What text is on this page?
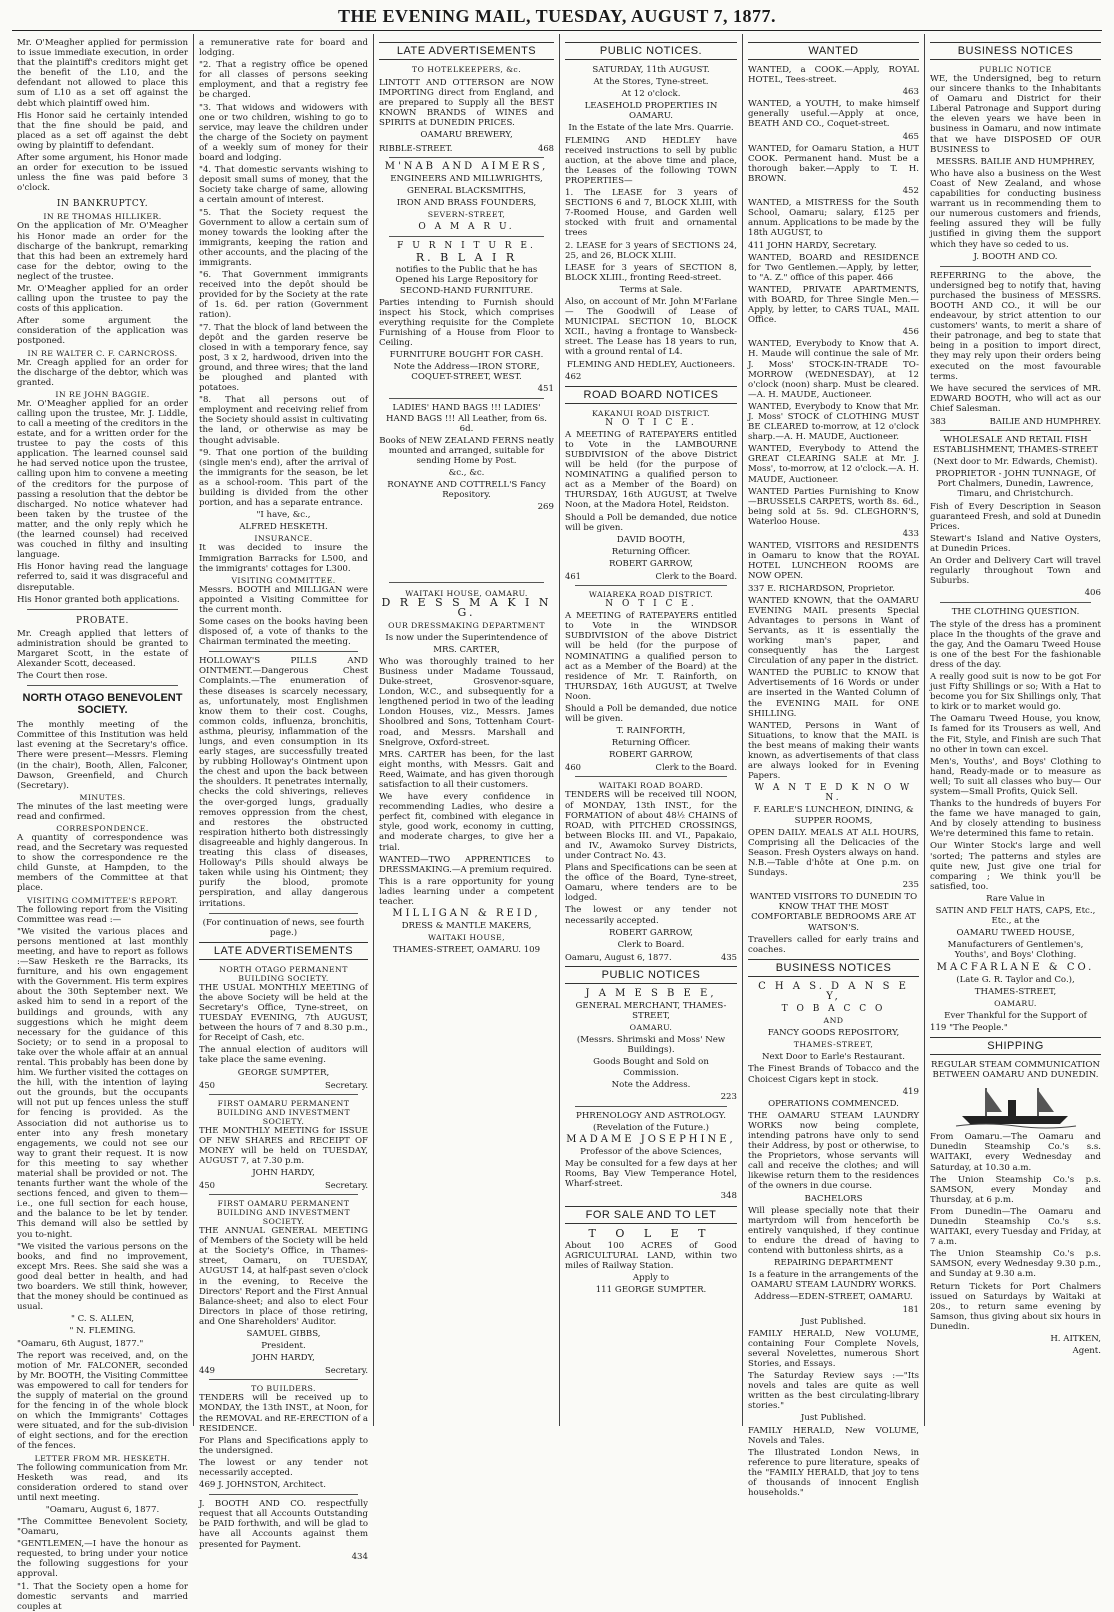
THE EVENING MAIL, TUESDAY, AUGUST 7, 1877.

Mr. O'Meagher applied for permission to issue immediate execution, in order that the plaintiff's creditors might get the benefit of the L10, and the defendant not allowed to place this sum of L10 as a set off against the debt which plaintiff owed him.

His Honor said he certainly intended that the fine should be paid, and placed as a set off against the debt owing by plaintiff to defendant.

After some argument, his Honor made an order for execution to be issued unless the fine was paid before 3 o'clock.

IN BANKRUPTCY.
IN RE THOMAS HILLIKER.

On the application of Mr. O'Meagher his Honor made an order for the discharge of the bankrupt, remarking that this had been an extremely hard case for the debtor, owing to the neglect of the trustee.

Mr. O'Meagher applied for an order calling upon the trustee to pay the costs of this application.

After some argument the consideration of the application was postponed.

IN RE WALTER C. F. CARNCROSS.

Mr. Creagh applied for an order for the discharge of the debtor, which was granted.

IN RE JOHN BAGGIE.

Mr. O'Meagher applied for an order calling upon the trustee, Mr. J. Liddle, to call a meeting of the creditors in the estate, and for a written order for the trustee to pay the costs of this application. The learned counsel said he had served notice upon the trustee, calling upon him to convene a meeting of the creditors for the purpose of passing a resolution that the debtor be discharged. No notice whatever had been taken by the trustee of the matter, and the only reply which he (the learned counsel) had received was couched in filthy and insulting language.

His Honor having read the language referred to, said it was disgraceful and disreputable.

His Honor granted both applications.

PROBATE.

Mr. Creagh applied that letters of administration should be granted to Margaret Scott, in the estate of Alexander Scott, deceased.

The Court then rose.

NORTH OTAGO BENEVOLENT SOCIETY.

The monthly meeting of the Committee of this Institution was held last evening at the Secretary's office. There were present—Messrs. Fleming (in the chair), Booth, Allen, Falconer, Dawson, Greenfield, and Church (Secretary).

MINUTES.

The minutes of the last meeting were read and confirmed.

CORRESPONDENCE.

A quantity of correspondence was read, and the Secretary was requested to show the correspondence re the child Gunste, at Hampden, to the members of the Committee at that place.

VISITING COMMITTEE'S REPORT.

The following report from the Visiting Committee was read :—

"We visited the various places and persons mentioned at last monthly meeting, and have to report as follows :—Saw Hesketh re the Barracks, its furniture, and his own engagement with the Government. His term expires about the 30th September next. We asked him to send in a report of the buildings and grounds, with any suggestions which he might deem necessary for the guidance of this Society; or to send in a proposal to take over the whole affair at an annual rental. This probably has been done by him. We further visited the cottages on the hill, with the intention of laying out the grounds, but the occupants will not put up fences unless the stuff for fencing is provided. As the Association did not authorise us to enter into any fresh monetary engagements, we could not see our way to grant their request. It is now for this meeting to say whether material shall be provided or not. The tenants further want the whole of the sections fenced, and given to them—i.e., one full section for each house, and the balance to be let by tender. This demand will also be settled by you to-night.

"We visited the various persons on the books, and find no improvement, except Mrs. Rees. She said she was a good deal better in health, and had two boarders. We still think, however, that the money should be continued as usual.

" C. S. ALLEN,

" N. FLEMING.

"Oamaru, 6th August, 1877."

The report was received, and, on the motion of Mr. FALCONER, seconded by Mr. BOOTH, the Visiting Committee was empowered to call for tenders for the supply of material on the ground for the fencing in of the whole block on which the Immigrants' Cottages were situated, and for the sub-division of eight sections, and for the erection of the fences.

LETTER FROM MR. HESKETH.

The following communication from Mr. Hesketh was read, and its consideration ordered to stand over until next meeting.

"Oamaru, August 6, 1877.

"The Committee Benevolent Society, "Oamaru,

"GENTLEMEN,—I have the honour as requested, to bring under your notice the following suggestions for your approval.

"1. That the Society open a home for domestic servants and married couples at

a remunerative rate for board and lodging.

"2. That a registry office be opened for all classes of persons seeking employment, and that a registry fee be charged.

"3. That widows and widowers with one or two children, wishing to go to service, may leave the children under the charge of the Society on payment of a weekly sum of money for their board and lodging.

"4. That domestic servants wishing to deposit small sums of money, that the Society take charge of same, allowing a certain amount of interest.

"5. That the Society request the Government to allow a certain sum of money towards the looking after the immigrants, keeping the ration and other accounts, and the placing of the immigrants.

"6. That Government immigrants received into the depôt should be provided for by the Society at the rate of 1s. 6d. per ration (Government ration).

"7. That the block of land between the depôt and the garden reserve be closed in with a temporary fence, say post, 3 x 2, hardwood, driven into the ground, and three wires; that the land be ploughed and planted with potatoes.

"8. That all persons out of employment and receiving relief from the Society should assist in cultivating the land, or otherwise as may be thought advisable.

"9. That one portion of the building (single men's end), after the arrival of the immigrants for the season, be let as a school-room. This part of the building is divided from the other portion, and has a separate entrance.

"I have, &c.,

ALFRED HESKETH.

INSURANCE.

It was decided to insure the Immigration Barracks for L500, and the immigrants' cottages for L300.

VISITING COMMITTEE.

Messrs. BOOTH and MILLIGAN were appointed a Visiting Committee for the current month.

Some cases on the books having been disposed of, a vote of thanks to the Chairman terminated the meeting.

HOLLOWAY'S PILLS AND OINTMENT.—Dangerous Chest Complaints.—The enumeration of these diseases is scarcely necessary, as, unfortunately, most Englishmen know them to their cost. Coughs, common colds, influenza, bronchitis, asthma, pleurisy, inflammation of the lungs, and even consumption in its early stages, are successfully treated by rubbing Holloway's Ointment upon the chest and upon the back between the shoulders. It penetrates internally, checks the cold shiverings, relieves the over-gorged lungs, gradually removes oppression from the chest, and restores the obstructed respiration hitherto both distressingly disagreeable and highly dangerous. In treating this class of diseases, Holloway's Pills should always be taken while using his Ointment; they purify the blood, promote perspiration, and allay dangerous irritations.

(For continuation of news, see fourth page.)

LATE ADVERTISEMENTS
NORTH OTAGO PERMANENT BUILDING SOCIETY.

THE USUAL MONTHLY MEETING of the above Society will be held at the Secretary's Office, Tyne-street, on TUESDAY EVENING, 7th AUGUST, between the hours of 7 and 8.30 p.m., for Receipt of Cash, etc.

The annual election of auditors will take place the same evening.

GEORGE SUMPTER,

450	Secretary.
FIRST OAMARU PERMANENT BUILDING AND INVESTMENT SOCIETY.

THE MONTHLY MEETING for ISSUE OF NEW SHARES and RECEIPT OF MONEY will be held on TUESDAY, AUGUST 7, at 7.30 p.m.

JOHN HARDY,

450	Secretary.
FIRST OAMARU PERMANENT BUILDING AND INVESTMENT SOCIETY.

THE ANNUAL GENERAL MEETING of Members of the Society will be held at the Society's Office, in Thames-street, Oamaru, on TUESDAY, AUGUST 14, at half-past seven o'clock in the evening, to Receive the Directors' Report and the First Annual Balance-sheet; and also to elect Four Directors in place of those retiring, and One Shareholders' Auditor.

SAMUEL GIBBS,

President.

JOHN HARDY,

449	Secretary.
TO BUILDERS.

TENDERS will be received up to MONDAY, the 13th INST., at Noon, for the REMOVAL and RE-ERECTION of a RESIDENCE.

For Plans and Specifications apply to the undersigned.

The lowest or any tender not necessarily accepted.

469 J. JOHNSTON, Architect.

J. BOOTH AND CO. respectfully request that all Accounts Outstanding be PAID forthwith, and will be glad to have all Accounts against them presented for Payment.

434

LATE ADVERTISEMENTS
TO HOTELKEEPERS, &c.

LINTOTT AND OTTERSON are NOW IMPORTING direct from England, and are prepared to Supply all the BEST KNOWN BRANDS of WINES and SPIRITS at DUNEDIN PRICES.

OAMARU BREWERY,

RIBBLE-STREET.	468

M'NAB AND AIMERS,

ENGINEERS AND MILLWRIGHTS,

GENERAL BLACKSMITHS,

IRON AND BRASS FOUNDERS,

SEVERN-STREET,

O A M A R U.

F U R N I T U R E.

R. B L A I R

notifies to the Public that he has Opened his Large Repository for SECOND-HAND FURNITURE.

Parties intending to Furnish should inspect his Stock, which comprises everything requisite for the Complete Furnishing of a House from Floor to Ceiling.

FURNITURE BOUGHT FOR CASH.

Note the Address—IRON STORE, COQUET-STREET, WEST.

451

LADIES' HAND BAGS !!! LADIES' HAND BAGS !!! All Leather, from 6s. 6d.

Books of NEW ZEALAND FERNS neatly mounted and arranged, suitable for sending Home by Post.

&c., &c.

RONAYNE AND COTTRELL'S Fancy Repository.

269

WAITAKI HOUSE, OAMARU.

D R E S S M A K I N G.

OUR DRESSMAKING DEPARTMENT

Is now under the Superintendence of

MRS. CARTER,

Who was thoroughly trained to her Business under Madame Toussaud, Duke-street, Grosvenor-square, London, W.C., and subsequently for a lengthened period in two of the leading London Houses, viz., Messrs. James Shoolbred and Sons, Tottenham Court-road, and Messrs. Marshall and Snelgrove, Oxford-street.

MRS. CARTER has been, for the last eight months, with Messrs. Gait and Reed, Waimate, and has given thorough satisfaction to all their customers.

We have every confidence in recommending Ladies, who desire a perfect fit, combined with elegance in style, good work, economy in cutting, and moderate charges, to give her a trial.

WANTED—TWO APPRENTICES to DRESSMAKING.—A premium required.

This is a rare opportunity for young ladies learning under a competent teacher.

MILLIGAN & REID,

DRESS & MANTLE MAKERS,

WAITAKI HOUSE,

THAMES-STREET, OAMARU. 109

PUBLIC NOTICES.

SATURDAY, 11th AUGUST.

At the Stores, Tyne-street.

At 12 o'clock.

LEASEHOLD PROPERTIES IN OAMARU.

In the Estate of the late Mrs. Quarrie.

FLEMING AND HEDLEY have received instructions to sell by public auction, at the above time and place, the Leases of the following TOWN PROPERTIES—

1. The LEASE for 3 years of SECTIONS 6 and 7, BLOCK XLIII, with 7-Roomed House, and Garden well stocked with fruit and ornamental trees

2. LEASE for 3 years of SECTIONS 24, 25, and 26, BLOCK XLIII.

LEASE for 3 years of SECTION 8, BLOCK XLIII., fronting Reed-street.

Terms at Sale.

Also, on account of Mr. John M'Farlane— The Goodwill of Lease of MUNICIPAL SECTION 10, BLOCK XCII., having a frontage to Wansbeck-street. The Lease has 18 years to run, with a ground rental of L4.

FLEMING AND HEDLEY, Auctioneers.

462

ROAD BOARD NOTICES
KAKANUI ROAD DISTRICT.

N O T I C E.

A MEETING of RATEPAYERS entitled to Vote in the LAMBOURNE SUBDIVISION of the above District will be held (for the purpose of NOMINATING a qualified person to act as a Member of the Board) on THURSDAY, 16th AUGUST, at Twelve Noon, at the Madora Hotel, Reidston.

Should a Poll be demanded, due notice will be given.

DAVID BOOTH,

Returning Officer.

ROBERT GARROW,

461	Clerk to the Board.
WAIAREKA ROAD DISTRICT.

N O T I C E.

A MEETING of RATEPAYERS entitled to Vote in the WINDSOR SUBDIVISION of the above District will be held (for the purpose of NOMINATING a qualified person to act as a Member of the Board) at the residence of Mr. T. Rainforth, on THURSDAY, 16th AUGUST, at Twelve Noon.

Should a Poll be demanded, due notice will be given.

T. RAINFORTH,

Returning Officer.

ROBERT GARROW,

460	Clerk to the Board.
WAITAKI ROAD BOARD.

TENDERS will be received till NOON, of MONDAY, 13th INST., for the FORMATION of about 48½ CHAINS of ROAD, with PITCHED CROSSINGS, between Blocks III. and VI., Papakaio, and IV., Awamoko Survey Districts, under Contract No. 43.

Plans and Specifications can be seen at the office of the Board, Tyne-street, Oamaru, where tenders are to be lodged.

The lowest or any tender not necessarily accepted.

ROBERT GARROW,

Clerk to Board.

Oamaru, August 6, 1877.	435
PUBLIC NOTICES

J A M E S B E E,

GENERAL MERCHANT, THAMES-STREET,

OAMARU.

(Messrs. Shrimski and Moss' New Buildings).

Goods Bought and Sold on Commission.

Note the Address.

223

PHRENOLOGY AND ASTROLOGY.

(Revelation of the Future.)

MADAME JOSEPHINE,

Professor of the above Sciences,

May be consulted for a few days at her Rooms, Bay View Temperance Hotel, Wharf-street.

348

FOR SALE AND TO LET

T O L E T

About 100 ACRES of Good AGRICULTURAL LAND, within two miles of Railway Station.

Apply to

111 GEORGE SUMPTER.

WANTED

WANTED, a COOK.—Apply, ROYAL HOTEL, Tees-street.

463

WANTED, a YOUTH, to make himself generally useful.—Apply at once, BEATH AND CO., Coquet-street.

465

WANTED, for Oamaru Station, a HUT COOK. Permanent hand. Must be a thorough baker.—Apply to T. H. BROWN.

452

WANTED, a MISTRESS for the South School, Oamaru; salary, £125 per annum. Applications to be made by the 18th AUGUST, to

411 JOHN HARDY, Secretary.

WANTED, BOARD and RESIDENCE for Two Gentlemen.—Apply, by letter, to "A. Z." office of this paper. 466

WANTED, PRIVATE APARTMENTS, with BOARD, for Three Single Men.—Apply, by letter, to CARS TUAL, MAIL Office.

456

WANTED, Everybody to Know that A. H. Maude will continue the sale of Mr. J. Moss' STOCK-IN-TRADE TO-MORROW (WEDNESDAY), at 12 o'clock (noon) sharp. Must be cleared.—A. H. MAUDE, Auctioneer.

WANTED, Everybody to Know that Mr. J. Moss' STOCK of CLOTHING MUST BE CLEARED to-morrow, at 12 o'clock sharp.—A. H. MAUDE, Auctioneer.

WANTED, Everybody to Attend the GREAT CLEARING SALE at Mr. J. Moss', to-morrow, at 12 o'clock.—A. H. MAUDE, Auctioneer.

WANTED Parties Furnishing to Know —BRUSSELS CARPETS, worth 8s. 6d., being sold at 5s. 9d. CLEGHORN'S, Waterloo House.

433

WANTED, VISITORS and RESIDENTS in Oamaru to know that the ROYAL HOTEL LUNCHEON ROOMS are NOW OPEN.

337 E. RICHARDSON, Proprietor.

WANTED KNOWN, that the OAMARU EVENING MAIL presents Special Advantages to persons in Want of Servants, as it is essentially the working man's paper, and consequently has the Largest Circulation of any paper in the district.

WANTED the PUBLIC to KNOW that Advertisements of 16 Words or under are inserted in the Wanted Column of the EVENING MAIL for ONE SHILLING.

WANTED, Persons in Want of Situations, to know that the MAIL is the best means of making their wants known, as advertisements of that class are always looked for in Evening Papers.

W A N T E D K N O W N.

F. EARLE'S LUNCHEON, DINING, & SUPPER ROOMS,

OPEN DAILY. MEALS AT ALL HOURS, Comprising all the Delicacies of the Season. Fresh Oysters always on hand. N.B.—Table d'hôte at One p.m. on Sundays.

235

WANTED VISITORS TO DUNEDIN TO KNOW THAT THE MOST COMFORTABLE BEDROOMS ARE AT WATSON'S.

Travellers called for early trains and coaches.

BUSINESS NOTICES

C H A S. D A N S E Y,

T O B A C C O

AND

FANCY GOODS REPOSITORY,

THAMES-STREET,

Next Door to Earle's Restaurant.

The Finest Brands of Tobacco and the Choicest Cigars kept in stock.

419

OPERATIONS COMMENCED.

THE OAMARU STEAM LAUNDRY WORKS now being complete, intending patrons have only to send their Address, by post or otherwise, to the Proprietors, whose servants will call and receive the clothes; and will likewise return them to the residences of the owners in due course.

BACHELORS

Will please specially note that their martyrdom will from henceforth be entirely vanquished, if they continue to endure the dread of having to contend with buttonless shirts, as a

REPAIRING DEPARTMENT

Is a feature in the arrangements of the OAMARU STEAM LAUNDRY WORKS.

Address—EDEN-STREET, OAMARU.

181

Just Published.

FAMILY HERALD, New VOLUME, containing Four Complete Novels, several Novelettes, numerous Short Stories, and Essays.

The Saturday Review says :—"Its novels and tales are quite as well written as the best circulating-library stories."

Just Published.

FAMILY HERALD, New VOLUME, Novels and Tales.

The Illustrated London News, in reference to pure literature, speaks of the "FAMILY HERALD, that joy to tens of thousands of innocent English households."

BUSINESS NOTICES
PUBLIC NOTICE

WE, the Undersigned, beg to return our sincere thanks to the Inhabitants of Oamaru and District for their Liberal Patronage and Support during the eleven years we have been in business in Oamaru, and now intimate that we have DISPOSED OF OUR BUSINESS to

MESSRS. BAILIE AND HUMPHREY,

Who have also a business on the West Coast of New Zealand, and whose capabilities for conducting business warrant us in recommending them to our numerous customers and friends, feeling assured they will be fully justified in giving them the support which they have so ceded to us.

J. BOOTH AND CO.

REFERRING to the above, the undersigned beg to notify that, having purchased the business of MESSRS. BOOTH AND CO., it will be our endeavour, by strict attention to our customers' wants, to merit a share of their patronage, and beg to state that being in a position to import direct, they may rely upon their orders being executed on the most favourable terms.

We have secured the services of MR. EDWARD BOOTH, who will act as our Chief Salesman.

383	BAILIE AND HUMPHREY.

WHOLESALE AND RETAIL FISH ESTABLISHMENT, THAMES-STREET

(Next door to Mr. Edwards, Chemist).

PROPRIETOR - JOHN TUNNAGE, Of Port Chalmers, Dunedin, Lawrence, Timaru, and Christchurch.

Fish of Every Description in Season guaranteed Fresh, and sold at Dunedin Prices.

Stewart's Island and Native Oysters, at Dunedin Prices.

An Order and Delivery Cart will travel regularly throughout Town and Suburbs.

406

THE CLOTHING QUESTION.

The style of the dress has a prominent place In the thoughts of the grave and the gay, And the Oamaru Tweed House is one of the best For the fashionable dress of the day.

A really good suit is now to be got For just Fifty Shillings or so; With a Hat to become you for Six Shillings only, That to kirk or to market would go.

The Oamaru Tweed House, you know, Is famed for its Trousers as well, And the Fit, Style, and Finish are such That no other in town can excel.

Men's, Youths', and Boys' Clothing to hand, Ready-made or to measure as well; To suit all classes who buy— Our system—Small Profits, Quick Sell.

Thanks to the hundreds of buyers For the fame we have managed to gain, And by closely attending to business We're determined this fame to retain.

Our Winter Stock's large and well 'sorted; The patterns and styles are quite new, Just give one trial for comparing ; We think you'll be satisfied, too.

Rare Value in

SATIN AND FELT HATS, CAPS, Etc., Etc., at the

OAMARU TWEED HOUSE,

Manufacturers of Gentlemen's, Youths', and Boys' Clothing.

MACFARLANE & CO.

(Late G. R. Taylor and Co.),

THAMES-STREET,

OAMARU.

Ever Thankful for the Support of

119 "The People."

SHIPPING

REGULAR STEAM COMMUNICATION BETWEEN OAMARU AND DUNEDIN.

From Oamaru.—The Oamaru and Dunedin Steamship Co.'s s.s. WAITAKI, every Wednesday and Saturday, at 10.30 a.m.

The Union Steamship Co.'s p.s. SAMSON, every Monday and Thursday, at 6 p.m.

From Dunedin—The Oamaru and Dunedin Steamship Co.'s s.s. WAITAKI, every Tuesday and Friday, at 7 a.m.

The Union Steamship Co.'s p.s. SAMSON, every Wednesday 9.30 p.m., and Sunday at 9.30 a.m.

Return Tickets for Port Chalmers issued on Saturdays by Waitaki at 20s., to return same evening by Samson, thus giving about six hours in Dunedin.

H. AITKEN,

Agent.
